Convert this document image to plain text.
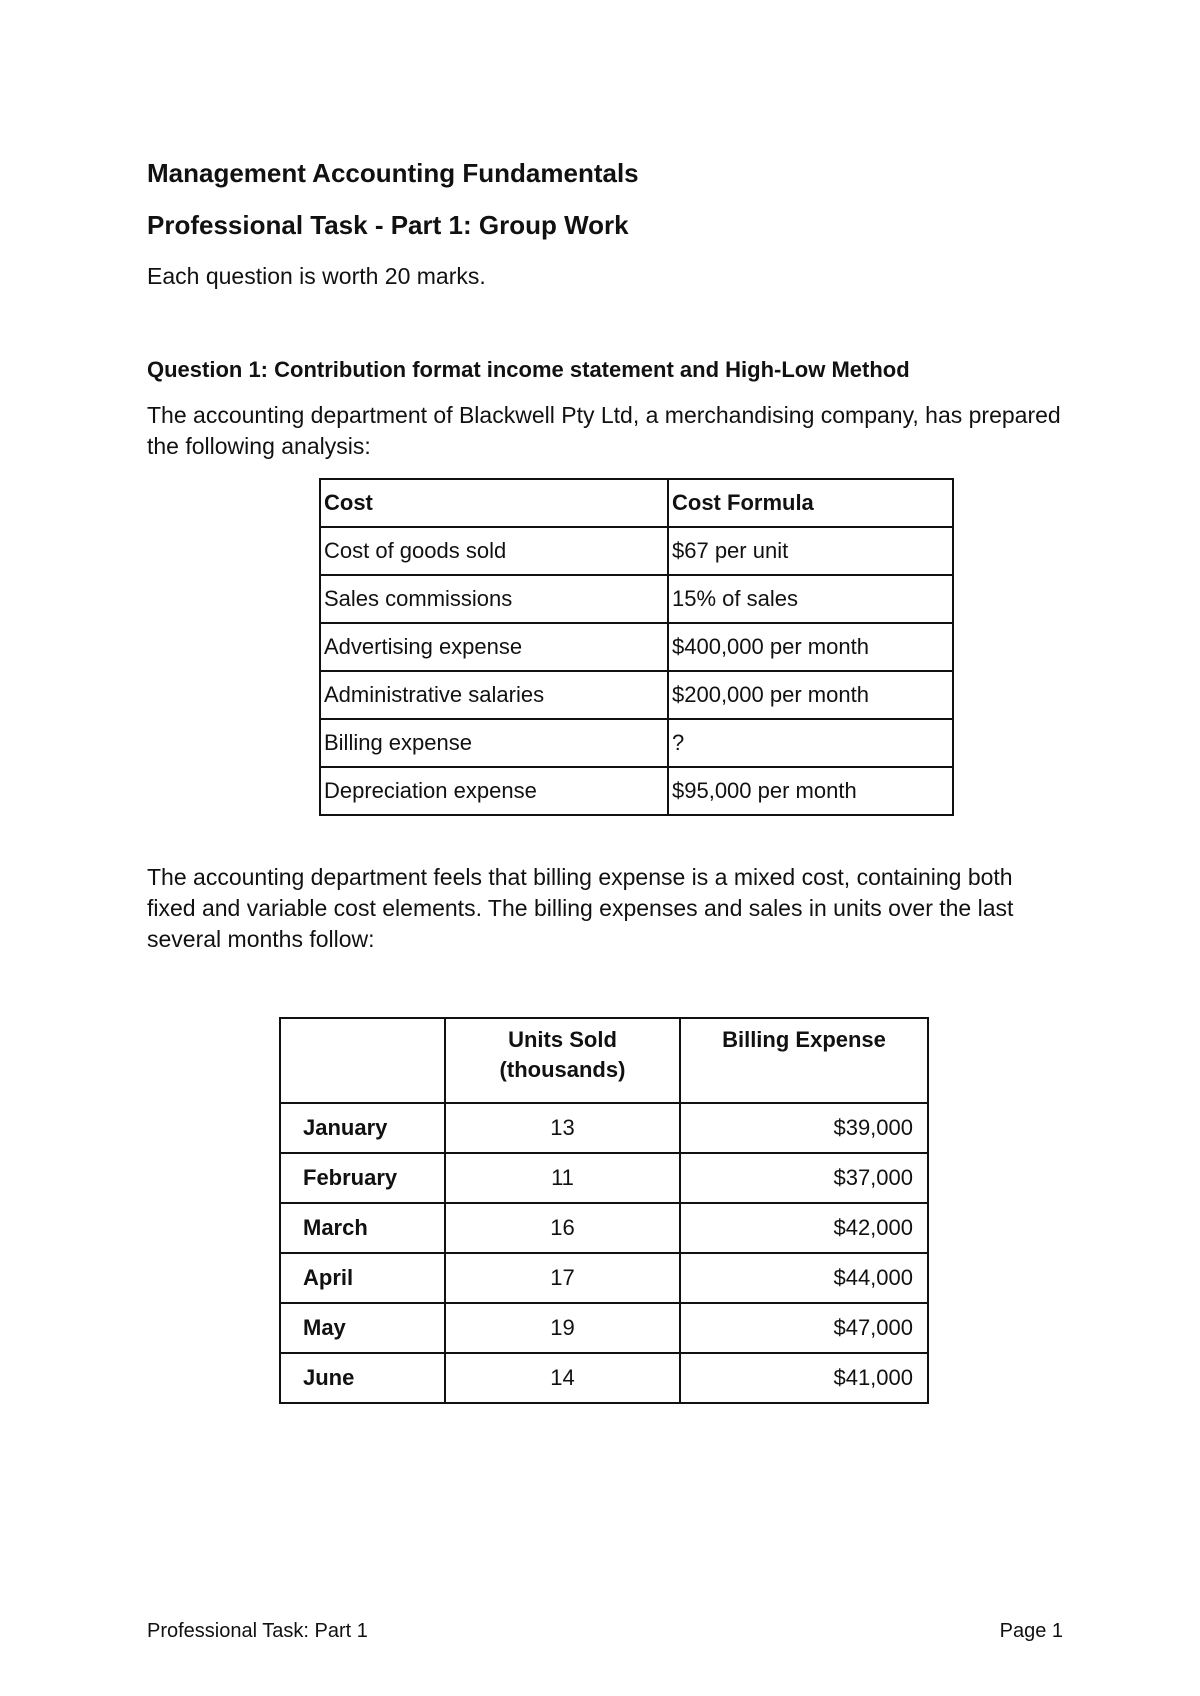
Management Accounting Fundamentals
Professional Task - Part 1: Group Work
Each question is worth 20 marks.
Question 1: Contribution format income statement and High-Low Method
The accounting department of Blackwell Pty Ltd, a merchandising company, has prepared the following analysis:
Cost	Cost Formula
Cost of goods sold	$67 per unit
Sales commissions	15% of sales
Advertising expense	$400,000 per month
Administrative salaries	$200,000 per month
Billing expense	?
Depreciation expense	$95,000 per month
The accounting department feels that billing expense is a mixed cost, containing both fixed and variable cost elements. The billing expenses and sales in units over the last several months follow:
	Units Sold (thousands)	Billing Expense
January	13	$39,000
February	11	$37,000
March	16	$42,000
April	17	$44,000
May	19	$47,000
June	14	$41,000
Professional Task: Part 1	Page 1
